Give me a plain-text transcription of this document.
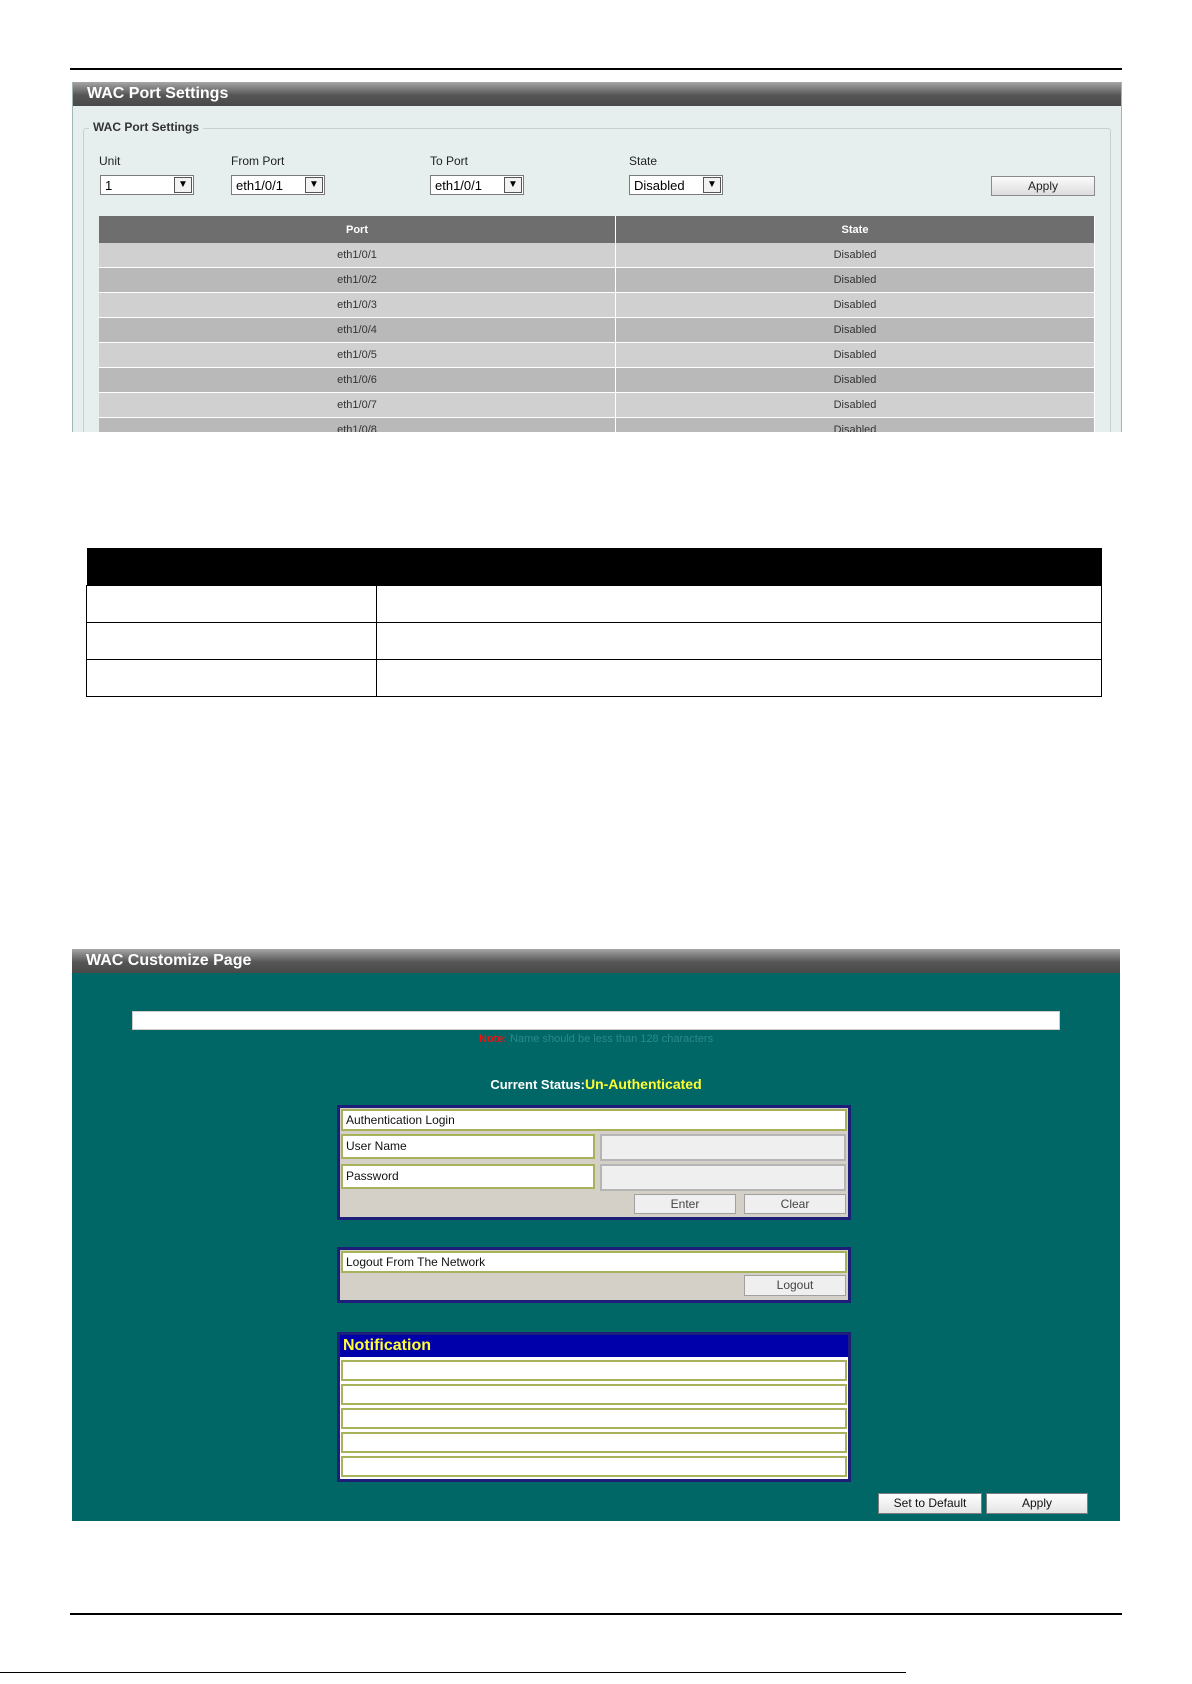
WAC Port Settings
WAC Port Settings
Unit	From Port	To Port	State
1	▼	eth1/0/1	▼	eth1/0/1	▼	Disabled	▼	Apply
Port	State
eth1/0/1	Disabled
eth1/0/2	Disabled
eth1/0/3	Disabled
eth1/0/4	Disabled
eth1/0/5	Disabled
eth1/0/6	Disabled
eth1/0/7	Disabled
eth1/0/8	Disabled

WAC Customize Page
Note: Name should be less than 128 characters
Current Status:Un-Authenticated
Authentication Login
User Name
Password
Enter	Clear
Logout From The Network
Logout
Notification
Set to Default	Apply
